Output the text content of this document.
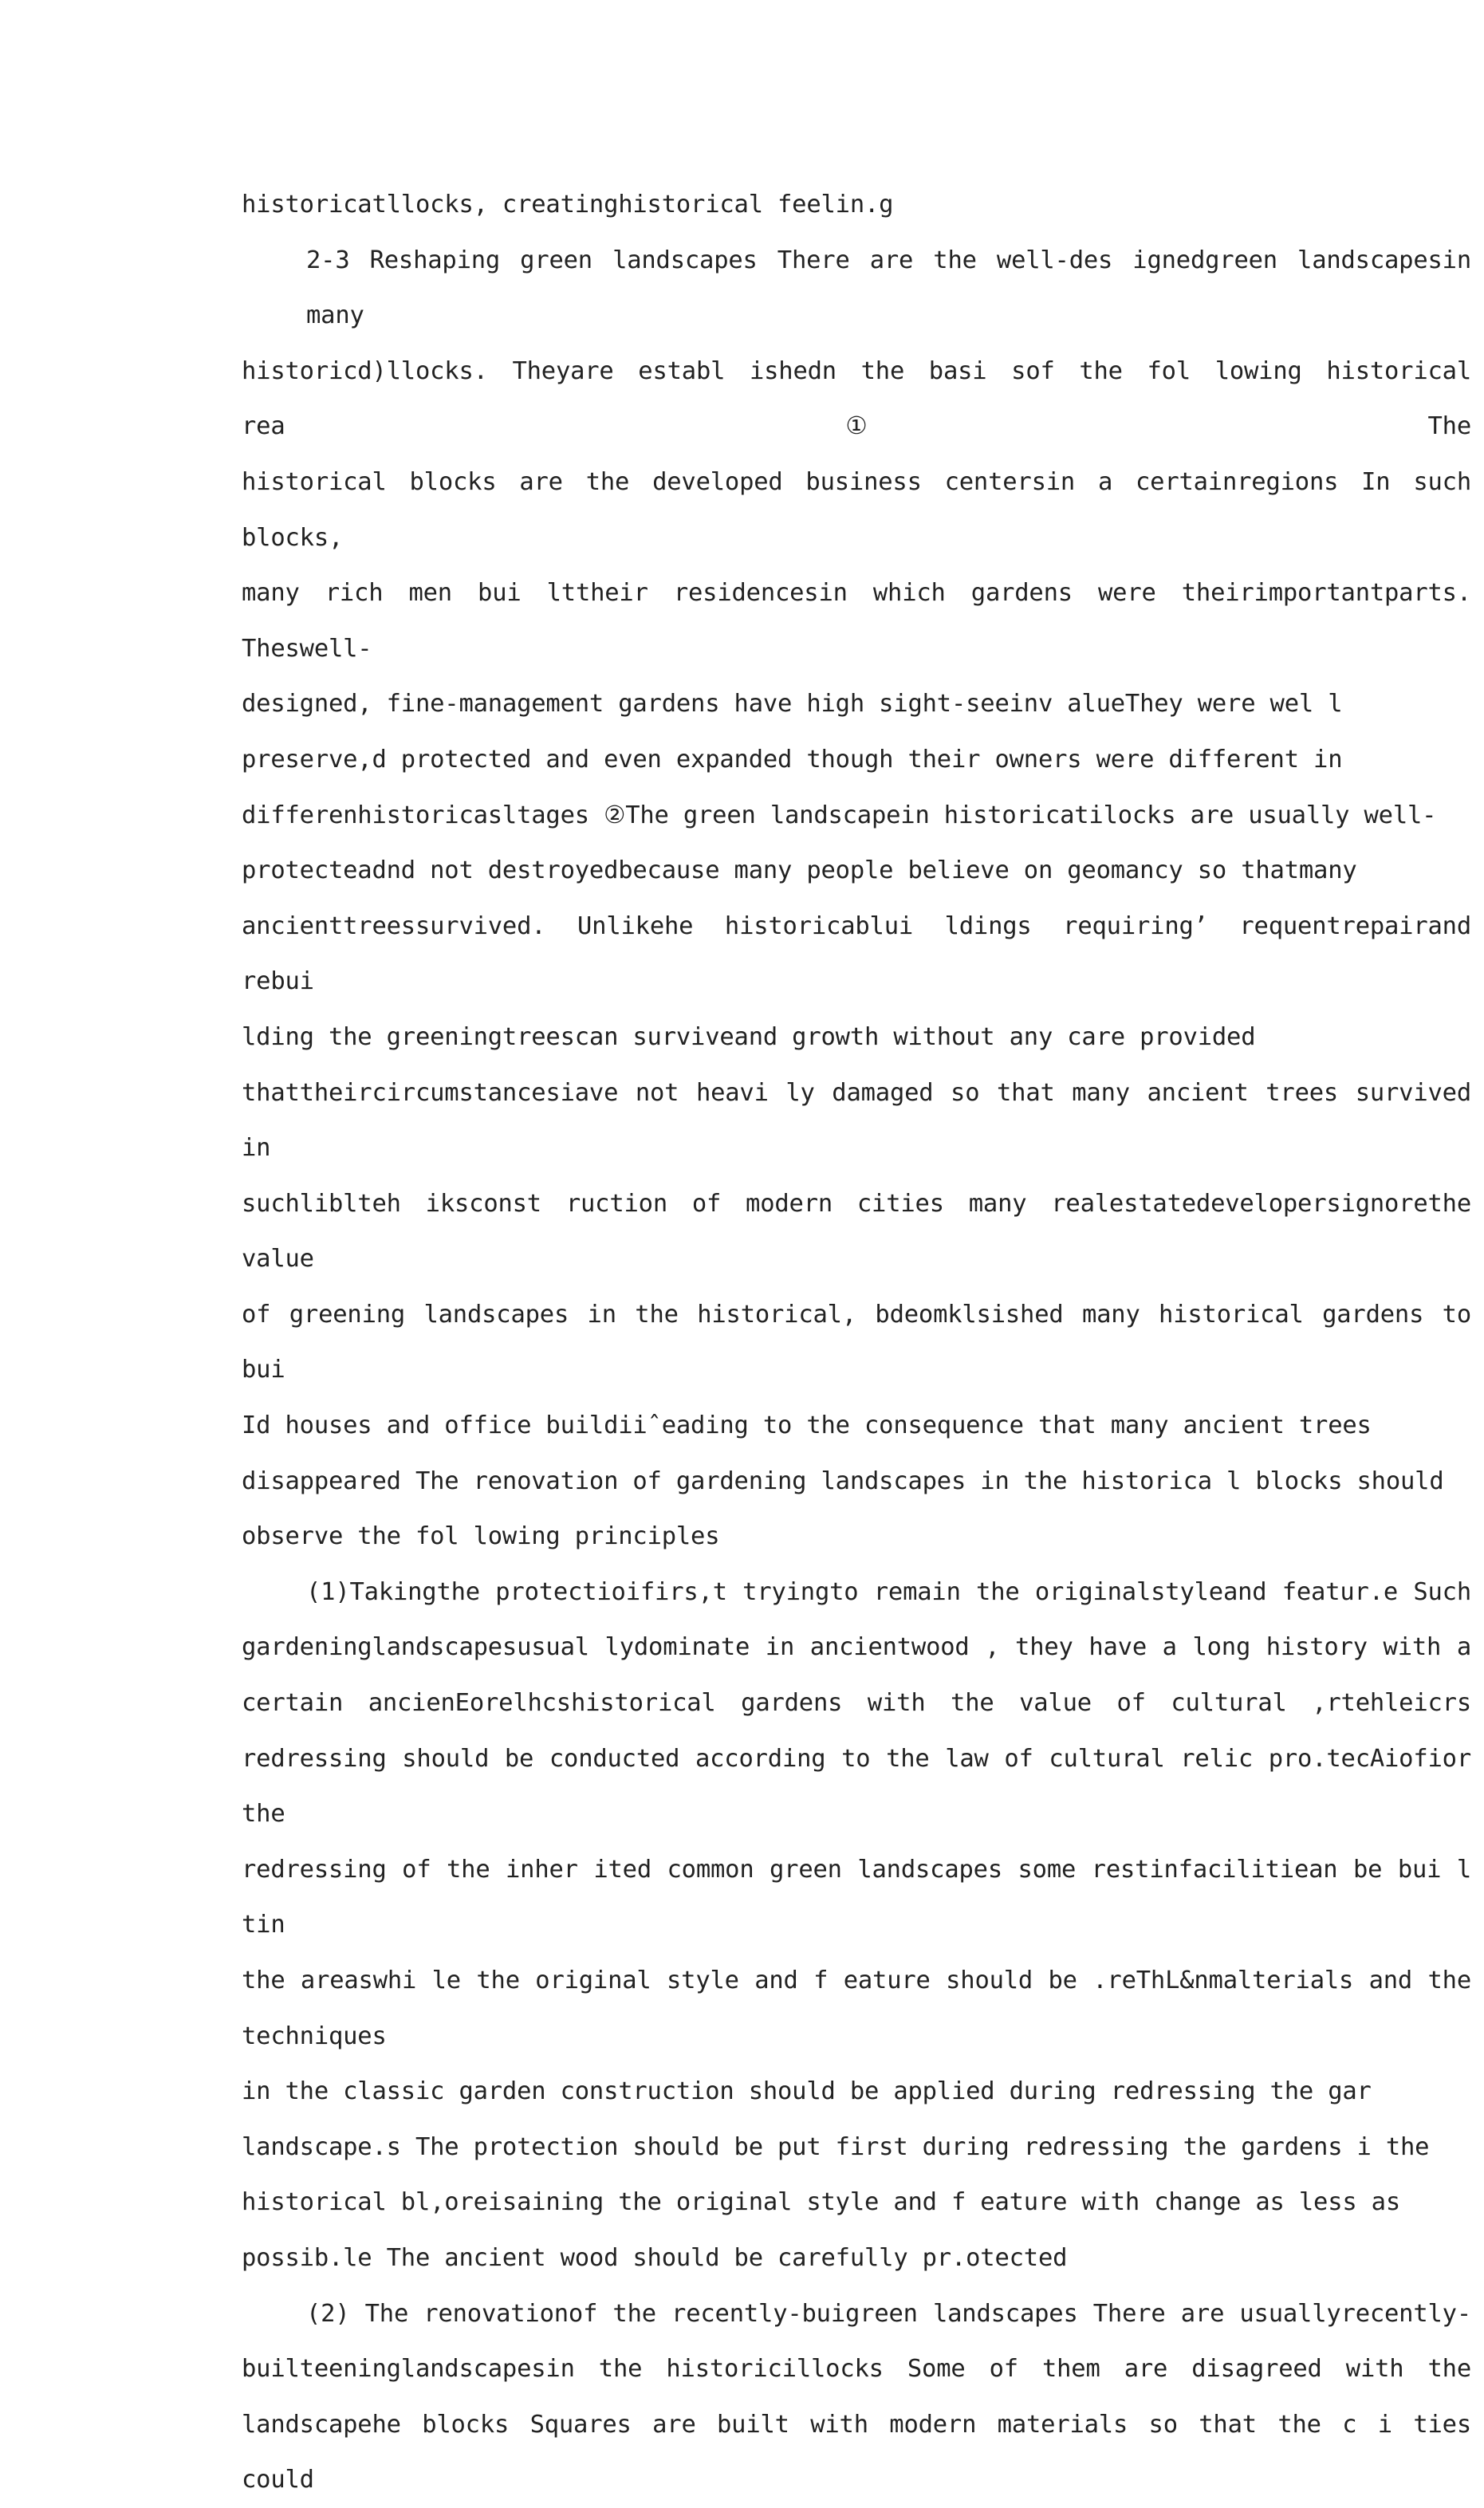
historicatllocks, creatinghistorical feelin.g

2-3 Reshaping green landscapes There are the well-des ignedgreen landscapesin many

historicd)llocks. Theyare establ ishedn the basi sof the fol lowing historical rea①The

historical blocks are the developed business centersin a certainregions In such blocks,

many rich men bui lttheir residencesin which gardens were theirimportantparts. Theswell-

designed, fine-management gardens have high sight-seeinv alueThey were wel l

preserve,d protected and even expanded though their owners were different in

differenhistoricasltages ②The green landscapein historicatilocks are usually well-

protecteadnd not destroyedbecause many people believe on geomancy so thatmany

ancienttreessurvived. Unlikehe historicablui ldings requiring’ requentrepairand rebui

lding the greeningtreescan surviveand growth without any care provided

thattheircircumstancesiave not heavi ly damaged so that many ancient trees survived in

suchliblteh iksconst ruction of modern cities many realestatedevelopersignorethe value

of greening landscapes in the historical, bdeomklsished many historical gardens to bui

Id houses and office buildiiˆeading to the consequence that many ancient trees

disappeared The renovation of gardening landscapes in the historica l blocks should

observe the fol lowing principles

(1)Takingthe protectioifirs,t tryingto remain the originalstyleand featur.e Such

gardeninglandscapesusual lydominate in ancientwood , they have a long history with a

certain ancienEorelhcshistorical gardens with the value of cultural ,rtehleicrs

redressing should be conducted according to the law of cultural relic pro.tecAiofior the

redressing of the inher ited common green landscapes some restinfacilitiean be bui l tin

the areaswhi le the original style and f eature should be .reThL&nmalterials and the

techniques

in the classic garden construction should be applied during redressing the gar

landscape.s The protection should be put first during redressing the gardens i the

historical bl,oreisaining the original style and f eature with change as less as

possib.le The ancient wood should be carefully pr.otected

(2) The renovationof the recently-buigreen landscapes There are usuallyrecently-

builteeninglandscapesin the historicillocks Some of them are disagreed with the

landscapehe blocks Squares are built with modern materials so that the c i ties could
